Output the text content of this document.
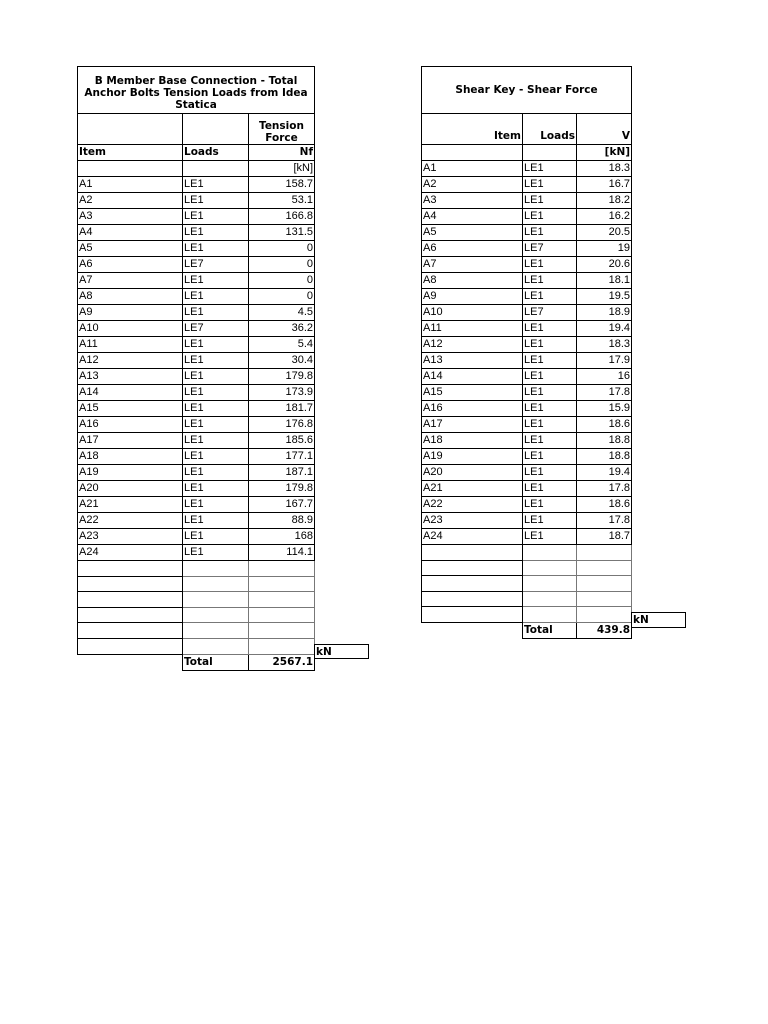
B Member Base Connection - Total Anchor Bolts Tension Loads from Idea Statica		
		Tension Force
Item	Loads	Nf
		[kN]
A1	LE1	158.7
A2	LE1	53.1
A3	LE1	166.8
A4	LE1	131.5
A5	LE1	0
A6	LE7	0
A7	LE1	0
A8	LE1	0
A9	LE1	4.5
A10	LE7	36.2
A11	LE1	5.4
A12	LE1	30.4
A13	LE1	179.8
A14	LE1	173.9
A15	LE1	181.7
A16	LE1	176.8
A17	LE1	185.6
A18	LE1	177.1
A19	LE1	187.1
A20	LE1	179.8
A21	LE1	167.7
A22	LE1	88.9
A23	LE1	168
A24	LE1	114.1

	Total	2567.1
Shear Key - Shear Force		
Item	Loads	V
		[kN]
A1	LE1	18.3
A2	LE1	16.7
A3	LE1	18.2
A4	LE1	16.2
A5	LE1	20.5
A6	LE7	19
A7	LE1	20.6
A8	LE1	18.1
A9	LE1	19.5
A10	LE7	18.9
A11	LE1	19.4
A12	LE1	18.3
A13	LE1	17.9
A14	LE1	16
A15	LE1	17.8
A16	LE1	15.9
A17	LE1	18.6
A18	LE1	18.8
A19	LE1	18.8
A20	LE1	19.4
A21	LE1	17.8
A22	LE1	18.6
A23	LE1	17.8
A24	LE1	18.7

	Total	439.8
kN
kN
